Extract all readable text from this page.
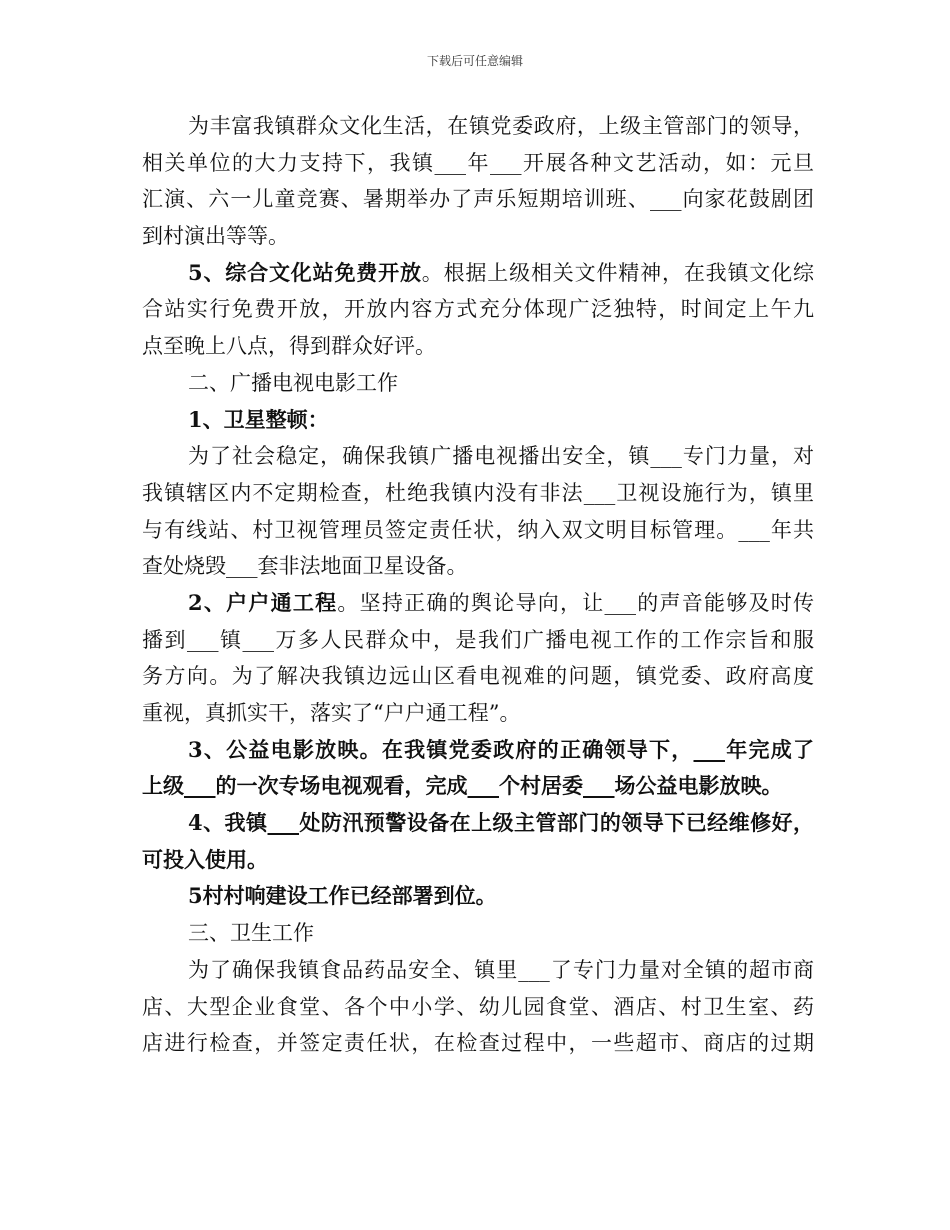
下载后可任意编辑
为丰富我镇群众文化生活，在镇党委政府，上级主管部门的领导，
相关单位的大力支持下，我镇___年___开展各种文艺活动，如：元旦
汇演、六一儿童竞赛、暑期举办了声乐短期培训班、___向家花鼓剧团
到村演出等等。
5、综合文化站免费开放。根据上级相关文件精神，在我镇文化综
合站实行免费开放，开放内容方式充分体现广泛独特，时间定上午九
点至晚上八点，得到群众好评。
二、广播电视电影工作
1、卫星整顿：
为了社会稳定，确保我镇广播电视播出安全，镇___专门力量，对
我镇辖区内不定期检查，杜绝我镇内没有非法___卫视设施行为，镇里
与有线站、村卫视管理员签定责任状，纳入双文明目标管理。___年共
查处烧毁___套非法地面卫星设备。
2、户户通工程。坚持正确的舆论导向，让___的声音能够及时传
播到___镇___万多人民群众中，是我们广播电视工作的工作宗旨和服
务方向。为了解决我镇边远山区看电视难的问题，镇党委、政府高度
重视，真抓实干，落实了“户户通工程”。
3、公益电影放映。在我镇党委政府的正确领导下，___年完成了
上级___的一次专场电视观看，完成___个村居委___场公益电影放映。
4、我镇___处防汛预警设备在上级主管部门的领导下已经维修好，
可投入使用。
5村村响建设工作已经部署到位。
三、卫生工作
为了确保我镇食品药品安全、镇里___了专门力量对全镇的超市商
店、大型企业食堂、各个中小学、幼儿园食堂、酒店、村卫生室、药
店进行检查，并签定责任状，在检查过程中，一些超市、商店的过期
